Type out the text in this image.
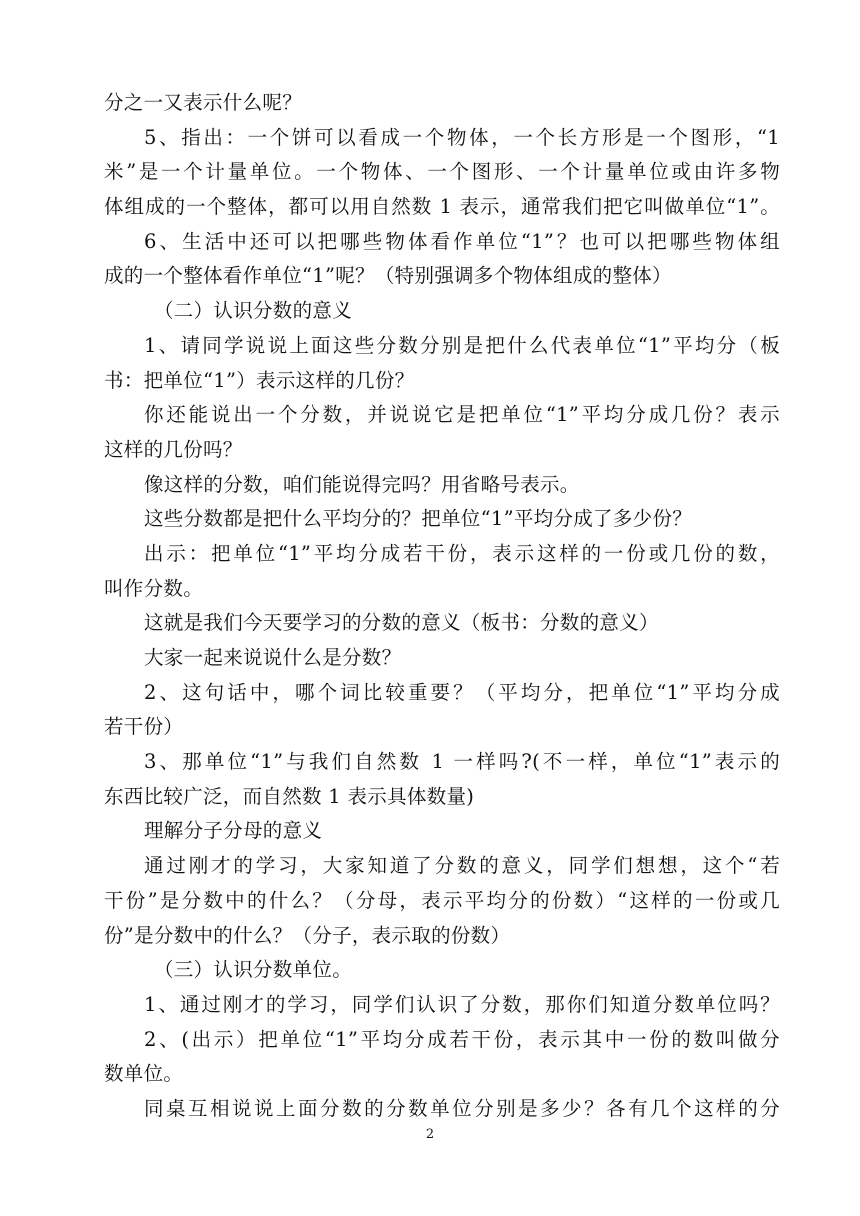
分之一又表示什么呢？
5、指出：一个饼可以看成一个物体，一个长方形是一个图形，“1
米”是一个计量单位。一个物体、一个图形、一个计量单位或由许多物
体组成的一个整体，都可以用自然数 1 表示，通常我们把它叫做单位“1”。
6、生活中还可以把哪些物体看作单位“1”？也可以把哪些物体组
成的一个整体看作单位“1”呢？（特别强调多个物体组成的整体）
（二）认识分数的意义
1、请同学说说上面这些分数分别是把什么代表单位“1”平均分（板
书：把单位“1”）表示这样的几份？
你还能说出一个分数，并说说它是把单位“1”平均分成几份？表示
这样的几份吗？
像这样的分数，咱们能说得完吗？用省略号表示。
这些分数都是把什么平均分的？把单位“1”平均分成了多少份？
出示：把单位“1”平均分成若干份，表示这样的一份或几份的数，
叫作分数。
这就是我们今天要学习的分数的意义（板书：分数的意义）
大家一起来说说什么是分数？
2、这句话中，哪个词比较重要？（平均分，把单位“1”平均分成
若干份）
3、那单位“1”与我们自然数 1 一样吗?(不一样，单位“1”表示的
东西比较广泛，而自然数 1 表示具体数量)
理解分子分母的意义
通过刚才的学习，大家知道了分数的意义，同学们想想，这个“若
干份”是分数中的什么？（分母，表示平均分的份数）“这样的一份或几
份”是分数中的什么？（分子，表示取的份数）
（三）认识分数单位。
1、通过刚才的学习，同学们认识了分数，那你们知道分数单位吗？
2、(出示）把单位“1”平均分成若干份，表示其中一份的数叫做分
数单位。
同桌互相说说上面分数的分数单位分别是多少？各有几个这样的分
2
